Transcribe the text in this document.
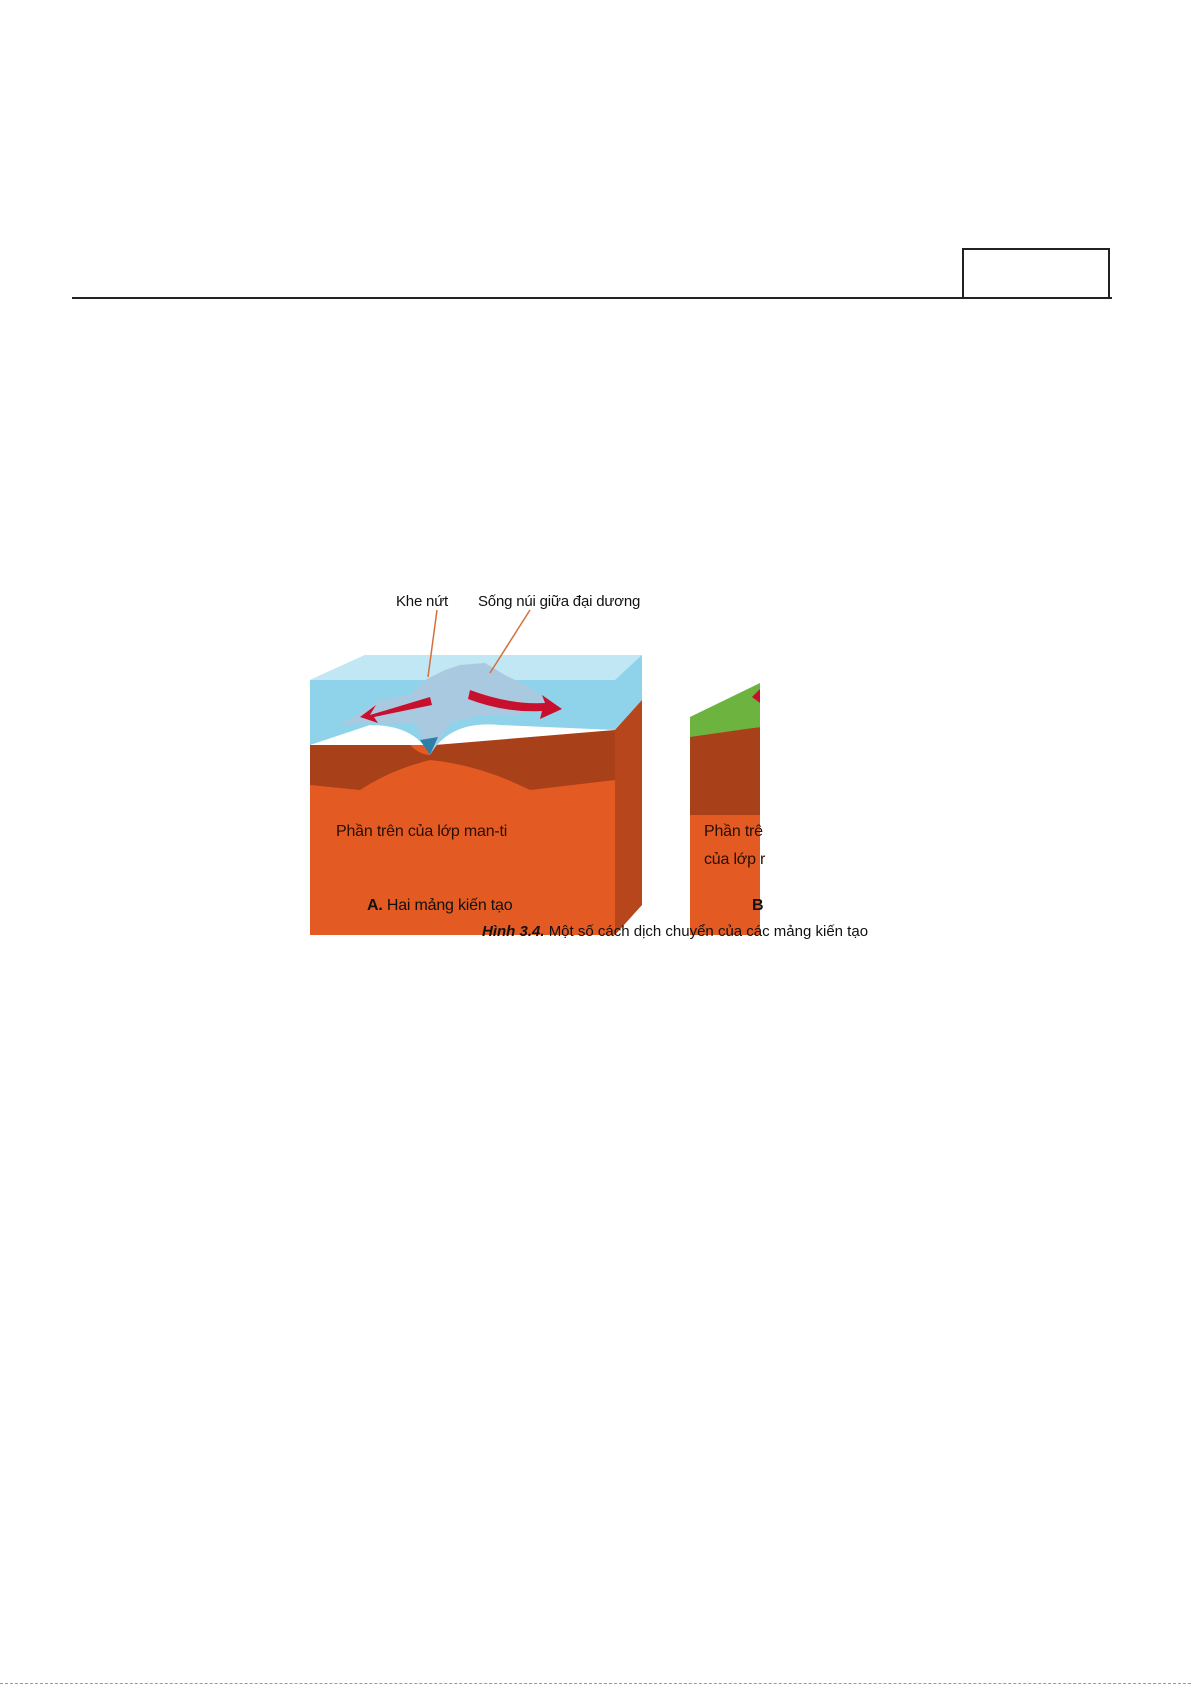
Khe nứt Sống núi giữa đại dương
Phần trên của lớp man-ti	Phần trê
của lớp r
A. Hai mảng kiến tạo	B
Hình 3.4. Một số cách dịch chuyển của các mảng kiến tạo
